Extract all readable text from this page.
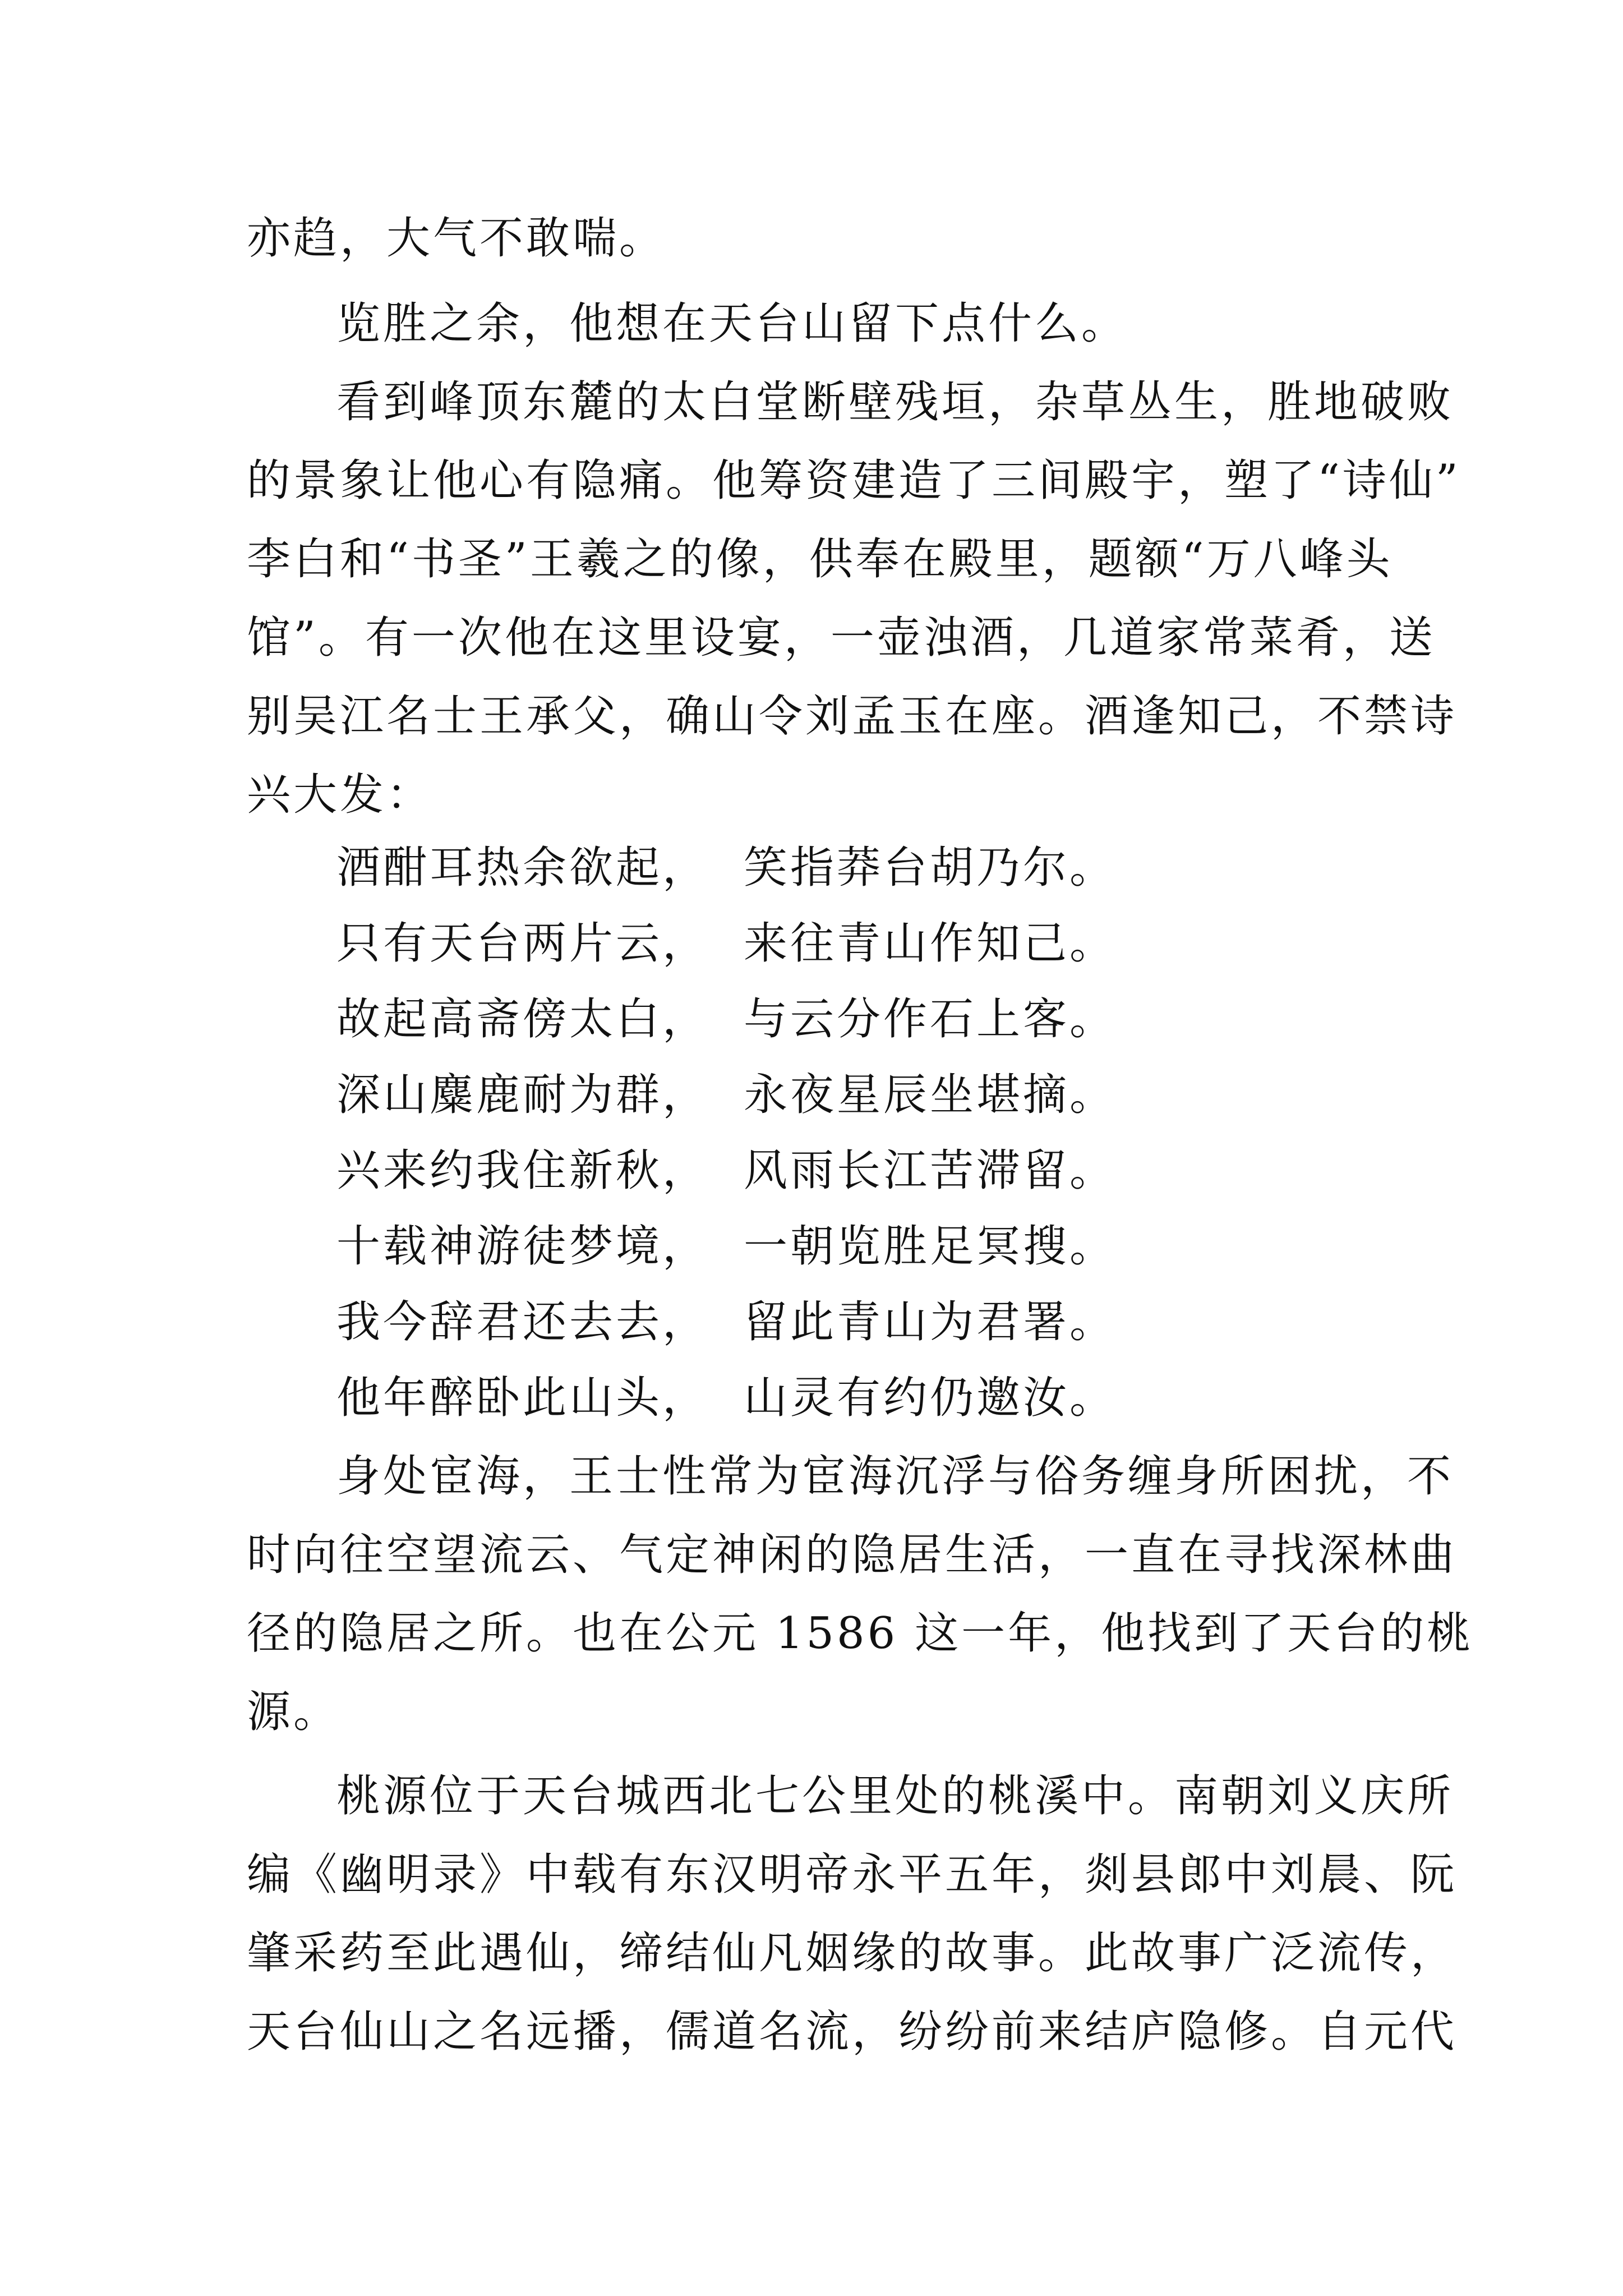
亦趋，大气不敢喘。
览胜之余，他想在天台山留下点什么。
看到峰顶东麓的太白堂断壁残垣，杂草丛生，胜地破败
的景象让他心有隐痛。他筹资建造了三间殿宇，塑了“诗仙”
李白和“书圣”王羲之的像，供奉在殿里，题额“万八峰头
馆”。有一次他在这里设宴，一壶浊酒，几道家常菜肴，送
别吴江名士王承父，确山令刘孟玉在座。酒逢知己，不禁诗
兴大发：
酒酣耳热余欲起， 笑指莽台胡乃尔。
只有天台两片云， 来往青山作知己。
故起高斋傍太白， 与云分作石上客。
深山麋鹿耐为群， 永夜星辰坐堪摘。
兴来约我住新秋， 风雨长江苦滞留。
十载神游徒梦境， 一朝览胜足冥搜。
我今辞君还去去， 留此青山为君署。
他年醉卧此山头， 山灵有约仍邀汝。
身处宦海，王士性常为宦海沉浮与俗务缠身所困扰，不
时向往空望流云、气定神闲的隐居生活，一直在寻找深林曲
径的隐居之所。也在公元 1586 这一年，他找到了天台的桃
源。
桃源位于天台城西北七公里处的桃溪中。南朝刘义庆所
编《幽明录》中载有东汉明帝永平五年，剡县郎中刘晨、阮
肇采药至此遇仙，缔结仙凡姻缘的故事。此故事广泛流传，
天台仙山之名远播，儒道名流，纷纷前来结庐隐修。自元代
